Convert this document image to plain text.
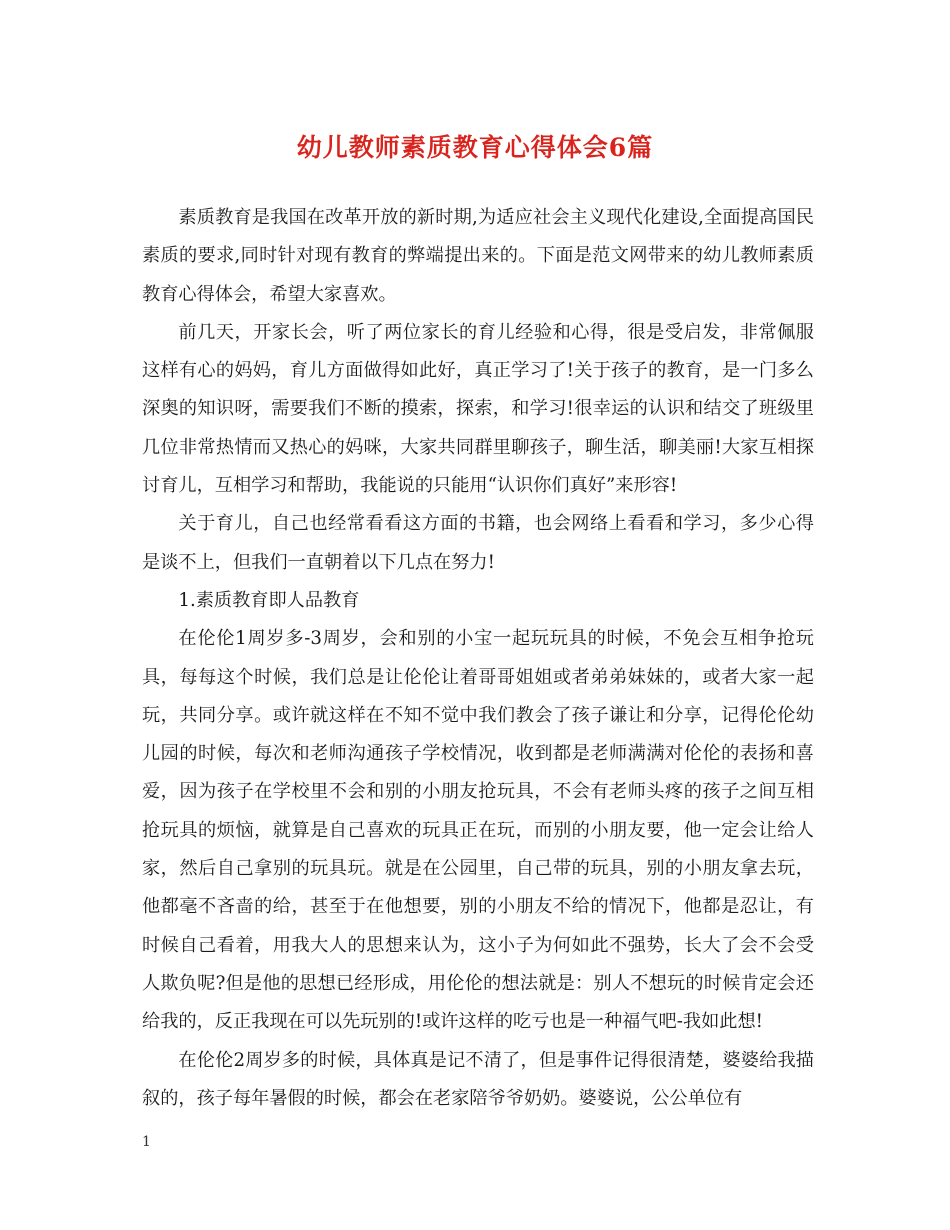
幼儿教师素质教育心得体会6篇

素质教育是我国在改革开放的新时期,为适应社会主义现代化建设,全面提高国民素质的要求,同时针对现有教育的弊端提出来的。下面是范文网带来的幼儿教师素质教育心得体会，希望大家喜欢。

前几天，开家长会，听了两位家长的育儿经验和心得，很是受启发，非常佩服这样有心的妈妈，育儿方面做得如此好，真正学习了!关于孩子的教育，是一门多么深奥的知识呀，需要我们不断的摸索，探索，和学习!很幸运的认识和结交了班级里几位非常热情而又热心的妈咪，大家共同群里聊孩子，聊生活，聊美丽!大家互相探讨育儿，互相学习和帮助，我能说的只能用“认识你们真好”来形容!

关于育儿，自己也经常看看这方面的书籍，也会网络上看看和学习，多少心得是谈不上，但我们一直朝着以下几点在努力!

1.素质教育即人品教育

在伦伦1周岁多-3周岁，会和别的小宝一起玩玩具的时候，不免会互相争抢玩具，每每这个时候，我们总是让伦伦让着哥哥姐姐或者弟弟妹妹的，或者大家一起玩，共同分享。或许就这样在不知不觉中我们教会了孩子谦让和分享，记得伦伦幼儿园的时候，每次和老师沟通孩子学校情况，收到都是老师满满对伦伦的表扬和喜爱，因为孩子在学校里不会和别的小朋友抢玩具，不会有老师头疼的孩子之间互相抢玩具的烦恼，就算是自己喜欢的玩具正在玩，而别的小朋友要，他一定会让给人家，然后自己拿别的玩具玩。就是在公园里，自己带的玩具，别的小朋友拿去玩，他都毫不吝啬的给，甚至于在他想要，别的小朋友不给的情况下，他都是忍让，有时候自己看着，用我大人的思想来认为，这小子为何如此不强势，长大了会不会受人欺负呢?但是他的思想已经形成，用伦伦的想法就是：别人不想玩的时候肯定会还给我的，反正我现在可以先玩别的!或许这样的吃亏也是一种福气吧-我如此想!

在伦伦2周岁多的时候，具体真是记不清了，但是事件记得很清楚，婆婆给我描叙的，孩子每年暑假的时候，都会在老家陪爷爷奶奶。婆婆说，公公单位有

1
